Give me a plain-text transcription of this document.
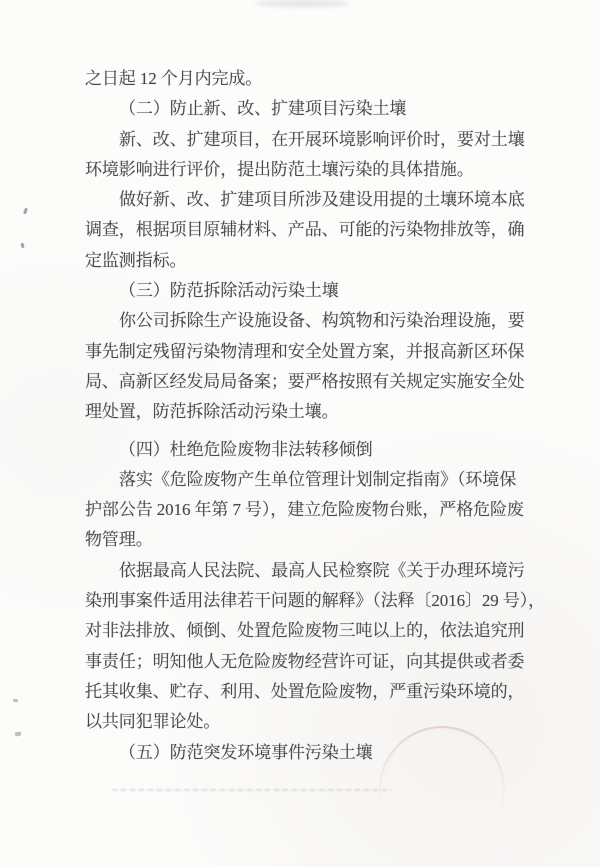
之日起 12 个月内完成。
（二）防止新、改、扩建项目污染土壤
新、改、扩建项目，在开展环境影响评价时，要对土壤
环境影响进行评价，提出防范土壤污染的具体措施。
做好新、改、扩建项目所涉及建设用提的土壤环境本底
调查，根据项目原辅材料、产品、可能的污染物排放等，确
定监测指标。
（三）防范拆除活动污染土壤
你公司拆除生产设施设备、构筑物和污染治理设施，要
事先制定残留污染物清理和安全处置方案，并报高新区环保
局、高新区经发局局备案；要严格按照有关规定实施安全处
理处置，防范拆除活动污染土壤。
（四）杜绝危险废物非法转移倾倒
落实《危险废物产生单位管理计划制定指南》（环境保
护部公告 2016 年第 7 号），建立危险废物台账，严格危险废
物管理。
依据最高人民法院、最高人民检察院《关于办理环境污
染刑事案件适用法律若干问题的解释》（法释〔2016〕29 号），
对非法排放、倾倒、处置危险废物三吨以上的，依法追究刑
事责任；明知他人无危险废物经营许可证，向其提供或者委
托其收集、贮存、利用、处置危险废物，严重污染环境的，
以共同犯罪论处。
（五）防范突发环境事件污染土壤
